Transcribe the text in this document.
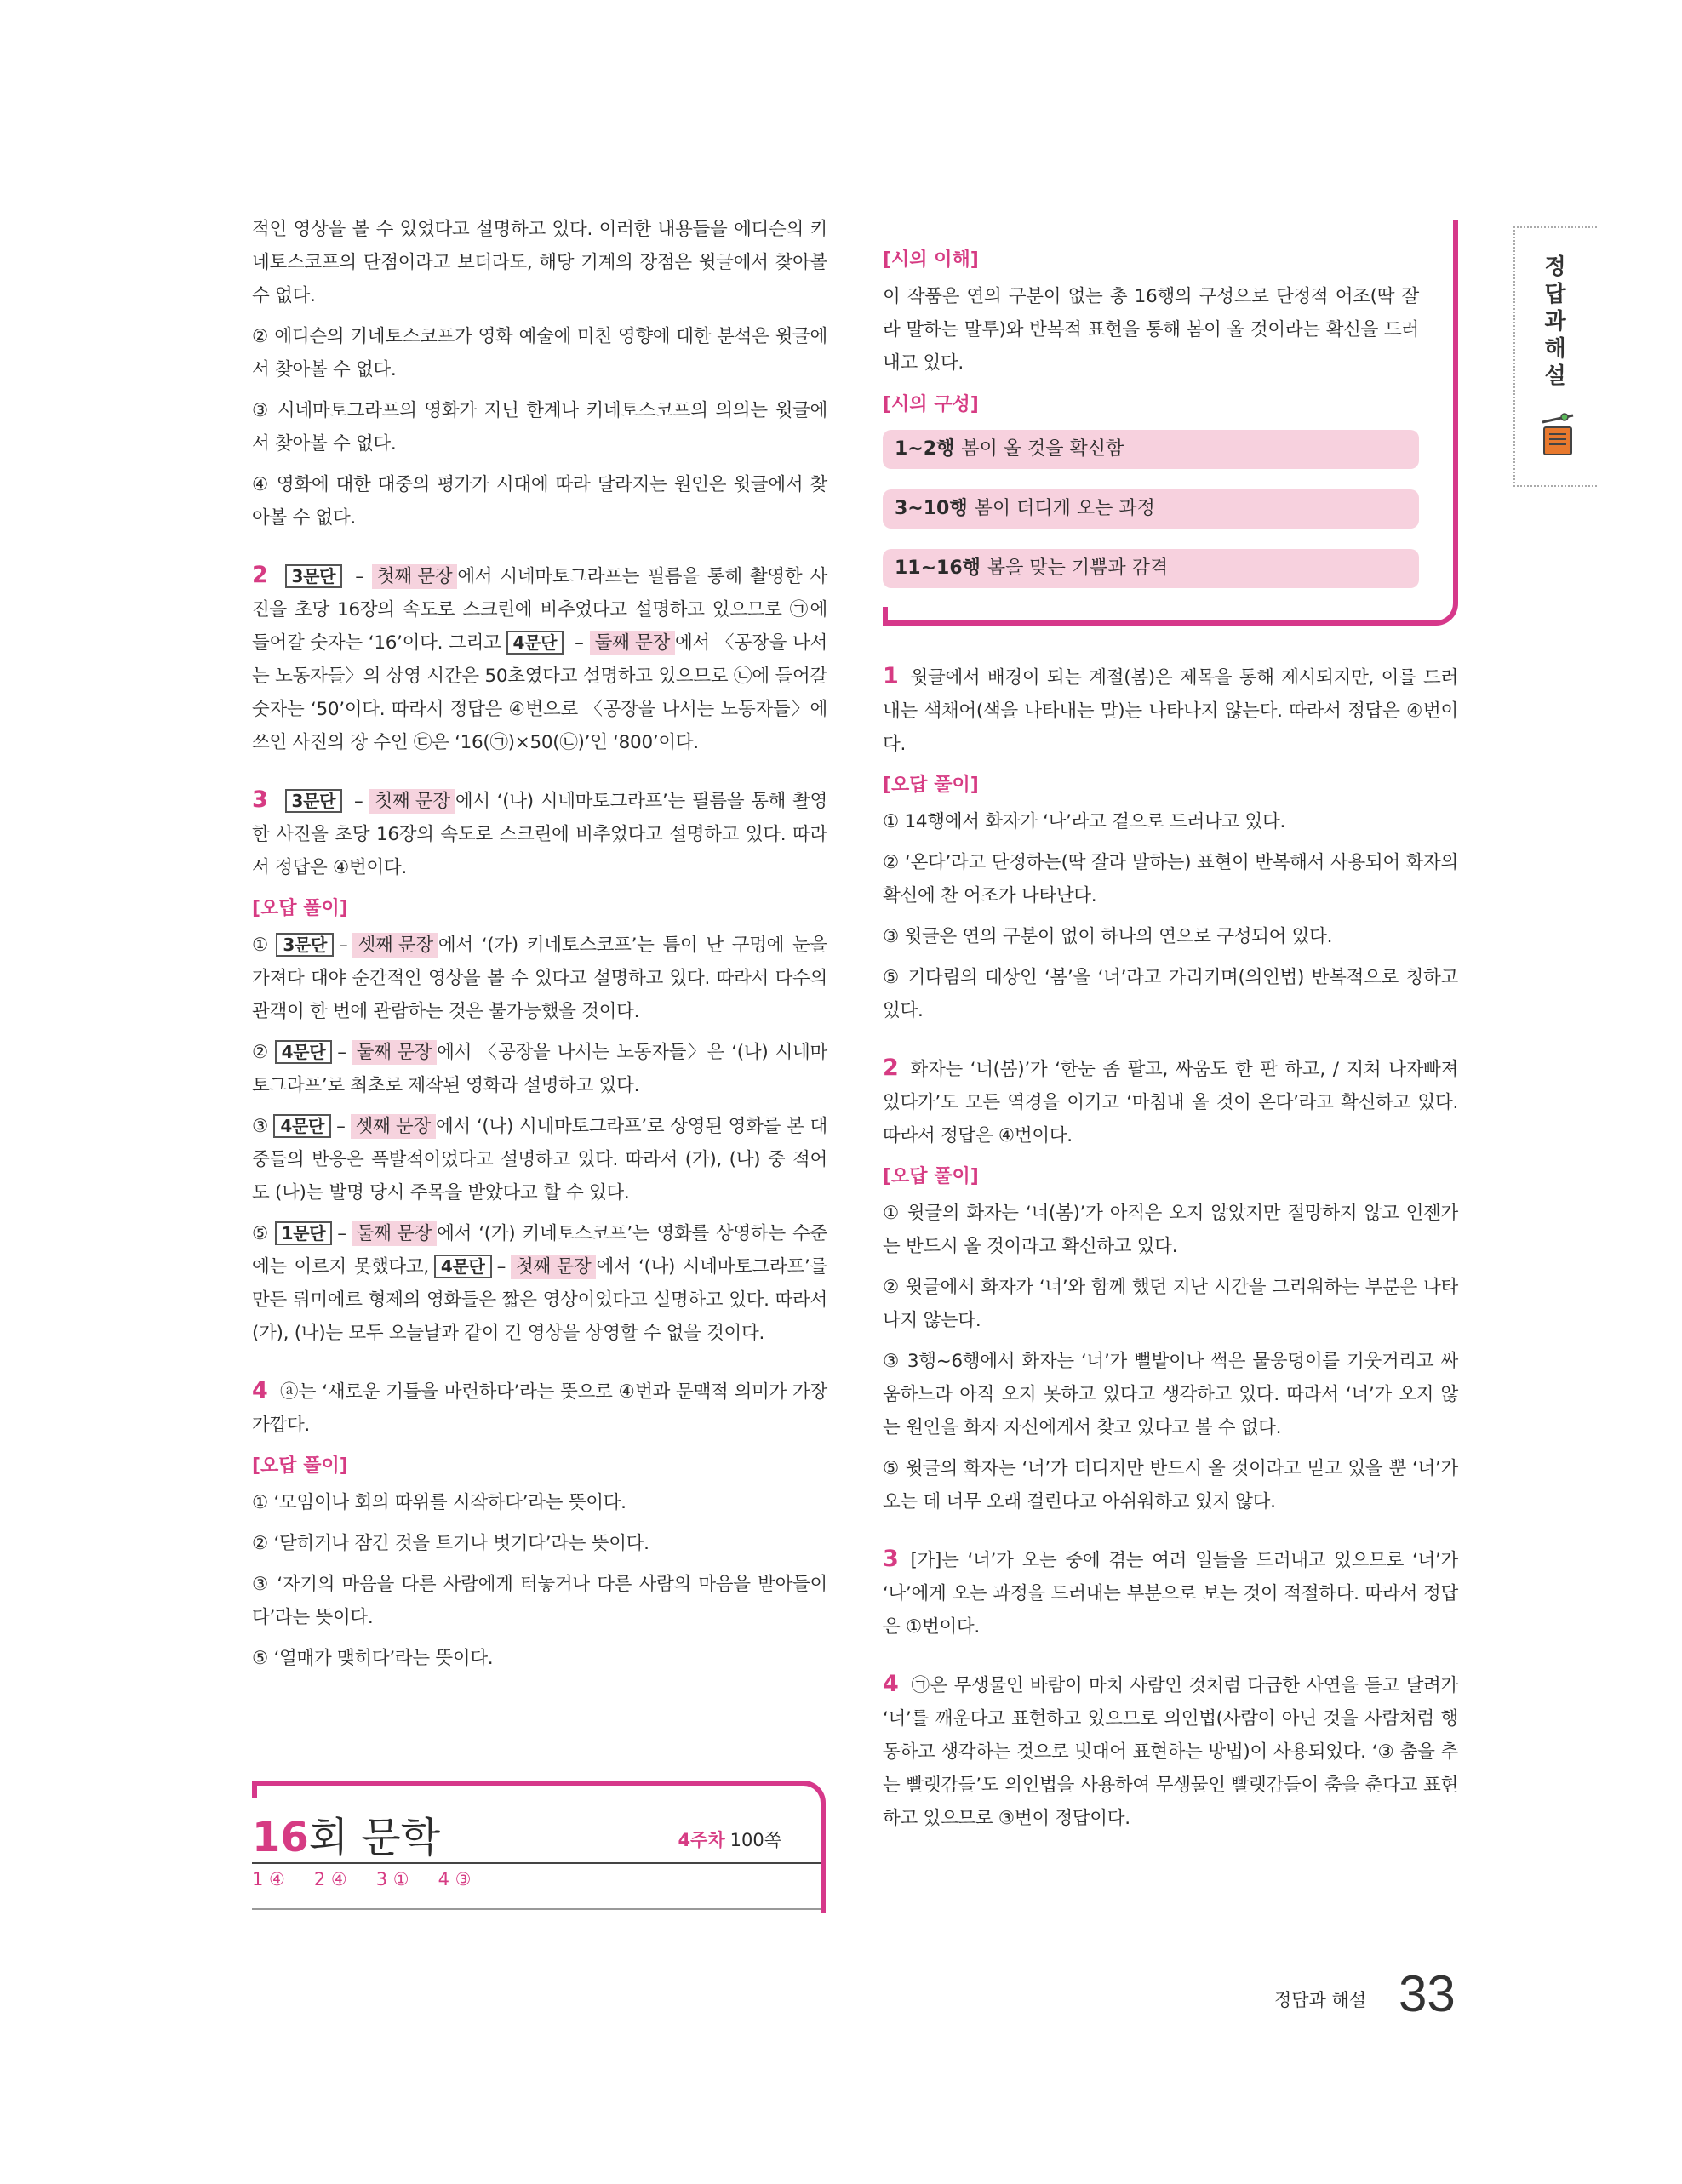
적인 영상을 볼 수 있었다고 설명하고 있다. 이러한 내용들을 에디슨의 키네토스코프의 단점이라고 보더라도, 해당 기계의 장점은 윗글에서 찾아볼 수 없다.

② 에디슨의 키네토스코프가 영화 예술에 미친 영향에 대한 분석은 윗글에서 찾아볼 수 없다.

③ 시네마토그라프의 영화가 지닌 한계나 키네토스코프의 의의는 윗글에서 찾아볼 수 없다.

④ 영화에 대한 대중의 평가가 시대에 따라 달라지는 원인은 윗글에서 찾아볼 수 없다.

2 3문단 – 첫째 문장 에서 시네마토그라프는 필름을 통해 촬영한 사진을 초당 16장의 속도로 스크린에 비추었다고 설명하고 있으므로 ㉠에 들어갈 숫자는 ‘16’이다. 그리고 4문단 – 둘째 문장 에서 〈공장을 나서는 노동자들〉의 상영 시간은 50초였다고 설명하고 있으므로 ㉡에 들어갈 숫자는 ‘50’이다. 따라서 정답은 ④번으로 〈공장을 나서는 노동자들〉에 쓰인 사진의 장 수인 ㉢은 ‘16(㉠)×50(㉡)’인 ‘800’이다.

3 3문단 – 첫째 문장 에서 ‘(나) 시네마토그라프’는 필름을 통해 촬영한 사진을 초당 16장의 속도로 스크린에 비추었다고 설명하고 있다. 따라서 정답은 ④번이다.

[오답 풀이]

① 3문단 – 셋째 문장 에서 ‘(가) 키네토스코프’는 틈이 난 구멍에 눈을 가져다 대야 순간적인 영상을 볼 수 있다고 설명하고 있다. 따라서 다수의 관객이 한 번에 관람하는 것은 불가능했을 것이다.

② 4문단 – 둘째 문장 에서 〈공장을 나서는 노동자들〉은 ‘(나) 시네마토그라프’로 최초로 제작된 영화라 설명하고 있다.

③ 4문단 – 셋째 문장 에서 ‘(나) 시네마토그라프’로 상영된 영화를 본 대중들의 반응은 폭발적이었다고 설명하고 있다. 따라서 (가), (나) 중 적어도 (나)는 발명 당시 주목을 받았다고 할 수 있다.

⑤ 1문단 – 둘째 문장 에서 ‘(가) 키네토스코프’는 영화를 상영하는 수준에는 이르지 못했다고, 4문단 – 첫째 문장 에서 ‘(나) 시네마토그라프’를 만든 뤼미에르 형제의 영화들은 짧은 영상이었다고 설명하고 있다. 따라서 (가), (나)는 모두 오늘날과 같이 긴 영상을 상영할 수 없을 것이다.

4 ⓐ는 ‘새로운 기틀을 마련하다’라는 뜻으로 ④번과 문맥적 의미가 가장 가깝다.

[오답 풀이]

① ‘모임이나 회의 따위를 시작하다’라는 뜻이다.

② ‘닫히거나 잠긴 것을 트거나 벗기다’라는 뜻이다.

③ ‘자기의 마음을 다른 사람에게 터놓거나 다른 사람의 마음을 받아들이다’라는 뜻이다.

⑤ ‘열매가 맺히다’라는 뜻이다.

16회 문학	4주차 100쪽
1 ④ 2 ④ 3 ① 4 ③
[시의 이해]

이 작품은 연의 구분이 없는 총 16행의 구성으로 단정적 어조(딱 잘라 말하는 말투)와 반복적 표현을 통해 봄이 올 것이라는 확신을 드러내고 있다.

[시의 구성]
1~2행 봄이 올 것을 확신함
3~10행 봄이 더디게 오는 과정
11~16행 봄을 맞는 기쁨과 감격

1 윗글에서 배경이 되는 계절(봄)은 제목을 통해 제시되지만, 이를 드러내는 색채어(색을 나타내는 말)는 나타나지 않는다. 따라서 정답은 ④번이다.

[오답 풀이]

① 14행에서 화자가 ‘나’라고 겉으로 드러나고 있다.

② ‘온다’라고 단정하는(딱 잘라 말하는) 표현이 반복해서 사용되어 화자의 확신에 찬 어조가 나타난다.

③ 윗글은 연의 구분이 없이 하나의 연으로 구성되어 있다.

⑤ 기다림의 대상인 ‘봄’을 ‘너’라고 가리키며(의인법) 반복적으로 칭하고 있다.

2 화자는 ‘너(봄)’가 ‘한눈 좀 팔고, 싸움도 한 판 하고, / 지쳐 나자빠져 있다가’도 모든 역경을 이기고 ‘마침내 올 것이 온다’라고 확신하고 있다. 따라서 정답은 ④번이다.

[오답 풀이]

① 윗글의 화자는 ‘너(봄)’가 아직은 오지 않았지만 절망하지 않고 언젠가는 반드시 올 것이라고 확신하고 있다.

② 윗글에서 화자가 ‘너’와 함께 했던 지난 시간을 그리워하는 부분은 나타나지 않는다.

③ 3행~6행에서 화자는 ‘너’가 뻘밭이나 썩은 물웅덩이를 기웃거리고 싸움하느라 아직 오지 못하고 있다고 생각하고 있다. 따라서 ‘너’가 오지 않는 원인을 화자 자신에게서 찾고 있다고 볼 수 없다.

⑤ 윗글의 화자는 ‘너’가 더디지만 반드시 올 것이라고 믿고 있을 뿐 ‘너’가 오는 데 너무 오래 걸린다고 아쉬워하고 있지 않다.

3 [가]는 ‘너’가 오는 중에 겪는 여러 일들을 드러내고 있으므로 ‘너’가 ‘나’에게 오는 과정을 드러내는 부분으로 보는 것이 적절하다. 따라서 정답은 ①번이다.

4 ㉠은 무생물인 바람이 마치 사람인 것처럼 다급한 사연을 듣고 달려가 ‘너’를 깨운다고 표현하고 있으므로 의인법(사람이 아닌 것을 사람처럼 행동하고 생각하는 것으로 빗대어 표현하는 방법)이 사용되었다. ‘③ 춤을 추는 빨랫감들’도 의인법을 사용하여 무생물인 빨랫감들이 춤을 춘다고 표현하고 있으므로 ③번이 정답이다.

정답과해설
정답과 해설 33
